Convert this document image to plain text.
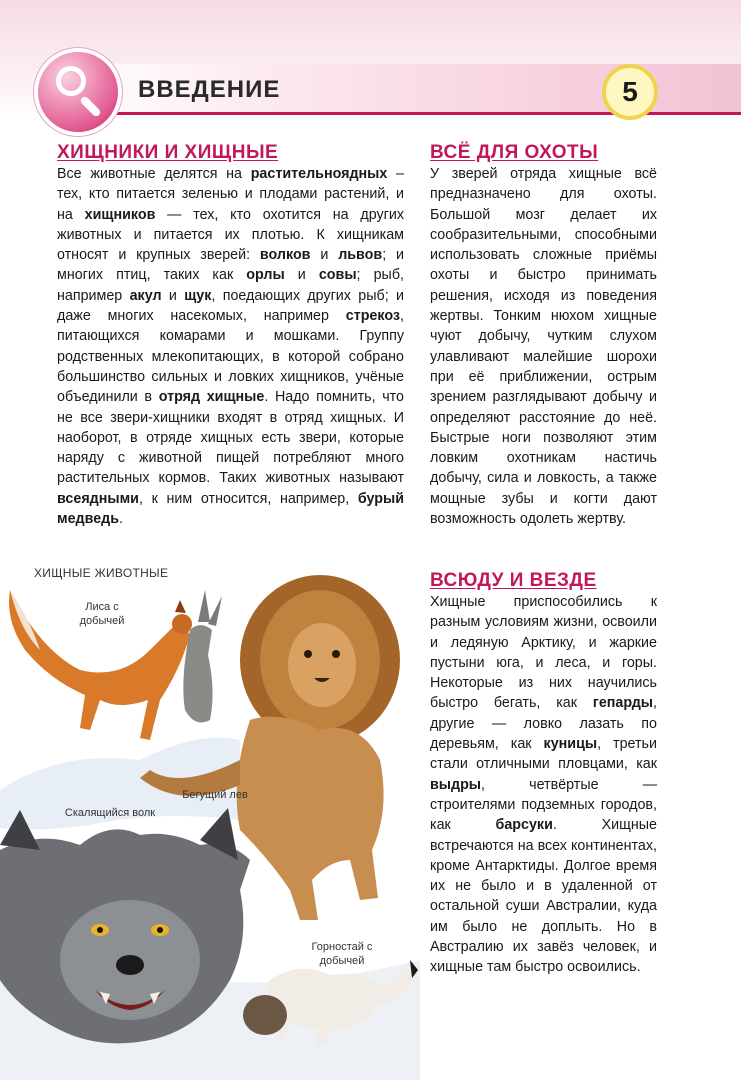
ВВЕДЕНИЕ	5
ХИЩНИКИ И ХИЩНЫЕ
Все животные делятся на растительноядных – тех, кто питается зеленью и плодами растений, и на хищников — тех, кто охотится на других животных и питается их плотью. К хищникам относят и крупных зверей: волков и львов; и многих птиц, таких как орлы и совы; рыб, например акул и щук, поедающих других рыб; и даже многих насекомых, например стрекоз, питающихся комарами и мошками. Группу родственных млекопитающих, в которой собрано большинство сильных и ловких хищников, учёные объединили в отряд хищные. Надо помнить, что не все звери-хищники входят в отряд хищных. И наоборот, в отряде хищных есть звери, которые наряду с животной пищей потребляют много растительных кормов. Таких животных называют всеядными, к ним относится, например, бурый медведь.
ВСЁ ДЛЯ ОХОТЫ
У зверей отряда хищные всё предназначено для охоты. Большой мозг делает их сообразительными, способными использовать сложные приёмы охоты и быстро принимать решения, исходя из поведения жертвы. Тонким нюхом хищные чуют добычу, чутким слухом улавливают малейшие шорохи при её приближении, острым зрением разглядывают добычу и определяют расстояние до неё. Быстрые ноги позволяют этим ловким охотникам настичь добычу, сила и ловкость, а также мощные зубы и когти дают возможность одолеть жертву.
ВСЮДУ И ВЕЗДЕ
Хищные приспособились к разным условиям жизни, освоили и ледяную Арктику, и жаркие пустыни юга, и леса, и горы. Некоторые из них научились быстро бегать, как гепарды, другие — ловко лазать по деревьям, как куницы, третьи стали отличными пловцами, как выдры, четвёртые — строителями подземных городов, как барсуки. Хищные встречаются на всех континентах, кроме Антарктиды. Долгое время их не было и в удаленной от остальной суши Австралии, куда им было не доплыть. Но в Австралию их завёз человек, и хищные там быстро освоились.
ХИЩНЫЕ ЖИВОТНЫЕ
Лиса с добычей
Бегущий лев
Скалящийся волк
Горностай с добычей
